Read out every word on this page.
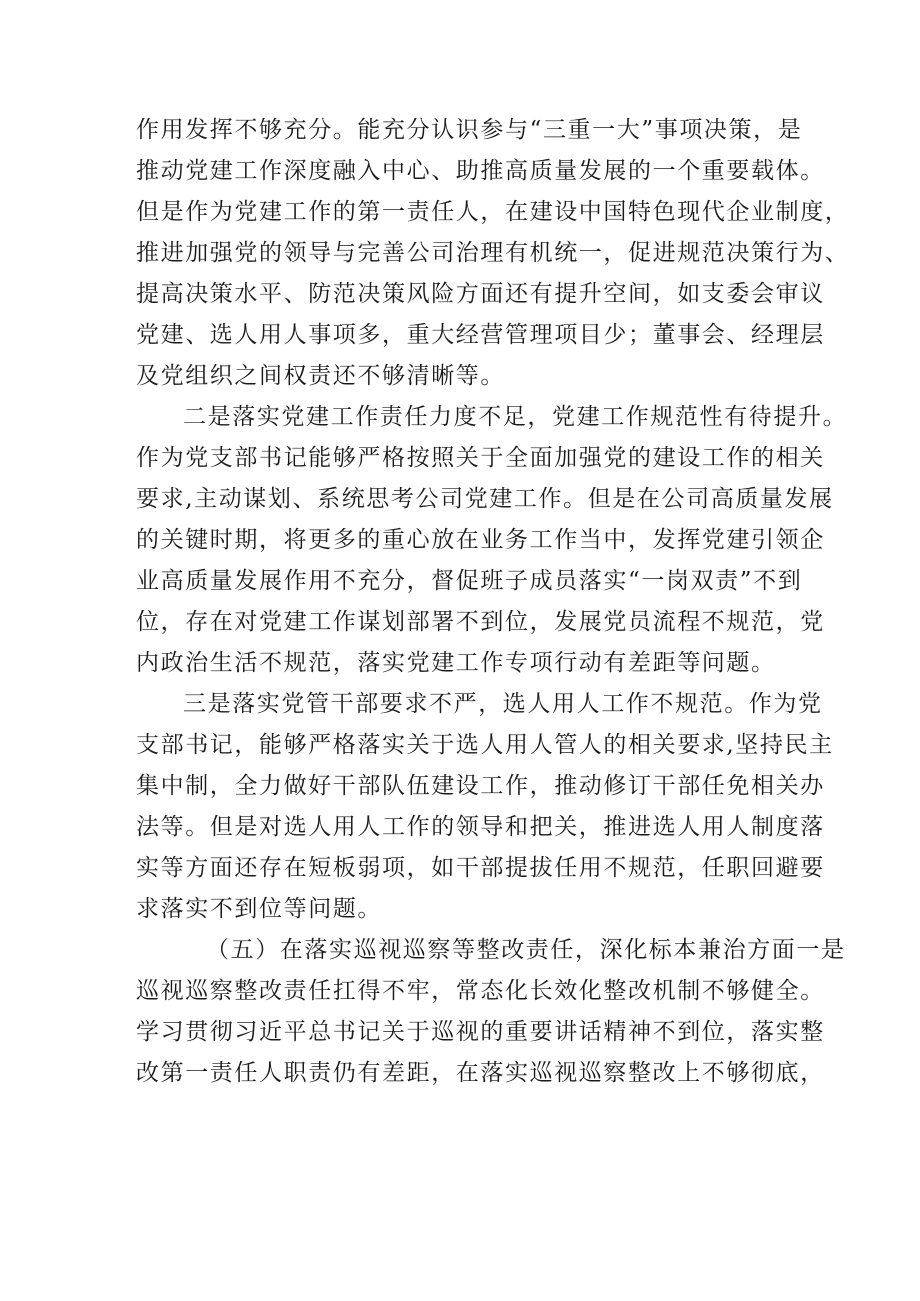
作用发挥不够充分。能充分认识参与“三重一大”事项决策，是
推动党建工作深度融入中心、助推高质量发展的一个重要载体。
但是作为党建工作的第一责任人，在建设中国特色现代企业制度，
推进加强党的领导与完善公司治理有机统一，促进规范决策行为、
提高决策水平、防范决策风险方面还有提升空间，如支委会审议
党建、选人用人事项多，重大经营管理项目少；董事会、经理层
及党组织之间权责还不够清晰等。
二是落实党建工作责任力度不足，党建工作规范性有待提升。
作为党支部书记能够严格按照关于全面加强党的建设工作的相关
要求,主动谋划、系统思考公司党建工作。但是在公司高质量发展
的关键时期，将更多的重心放在业务工作当中，发挥党建引领企
业高质量发展作用不充分，督促班子成员落实“一岗双责”不到
位，存在对党建工作谋划部署不到位，发展党员流程不规范，党
内政治生活不规范，落实党建工作专项行动有差距等问题。
三是落实党管干部要求不严，选人用人工作不规范。作为党
支部书记，能够严格落实关于选人用人管人的相关要求,坚持民主
集中制，全力做好干部队伍建设工作，推动修订干部任免相关办
法等。但是对选人用人工作的领导和把关，推进选人用人制度落
实等方面还存在短板弱项，如干部提拔任用不规范，任职回避要
求落实不到位等问题。
（五）在落实巡视巡察等整改责任，深化标本兼治方面一是
巡视巡察整改责任扛得不牢，常态化长效化整改机制不够健全。
学习贯彻习近平总书记关于巡视的重要讲话精神不到位，落实整
改第一责任人职责仍有差距，在落实巡视巡察整改上不够彻底，
